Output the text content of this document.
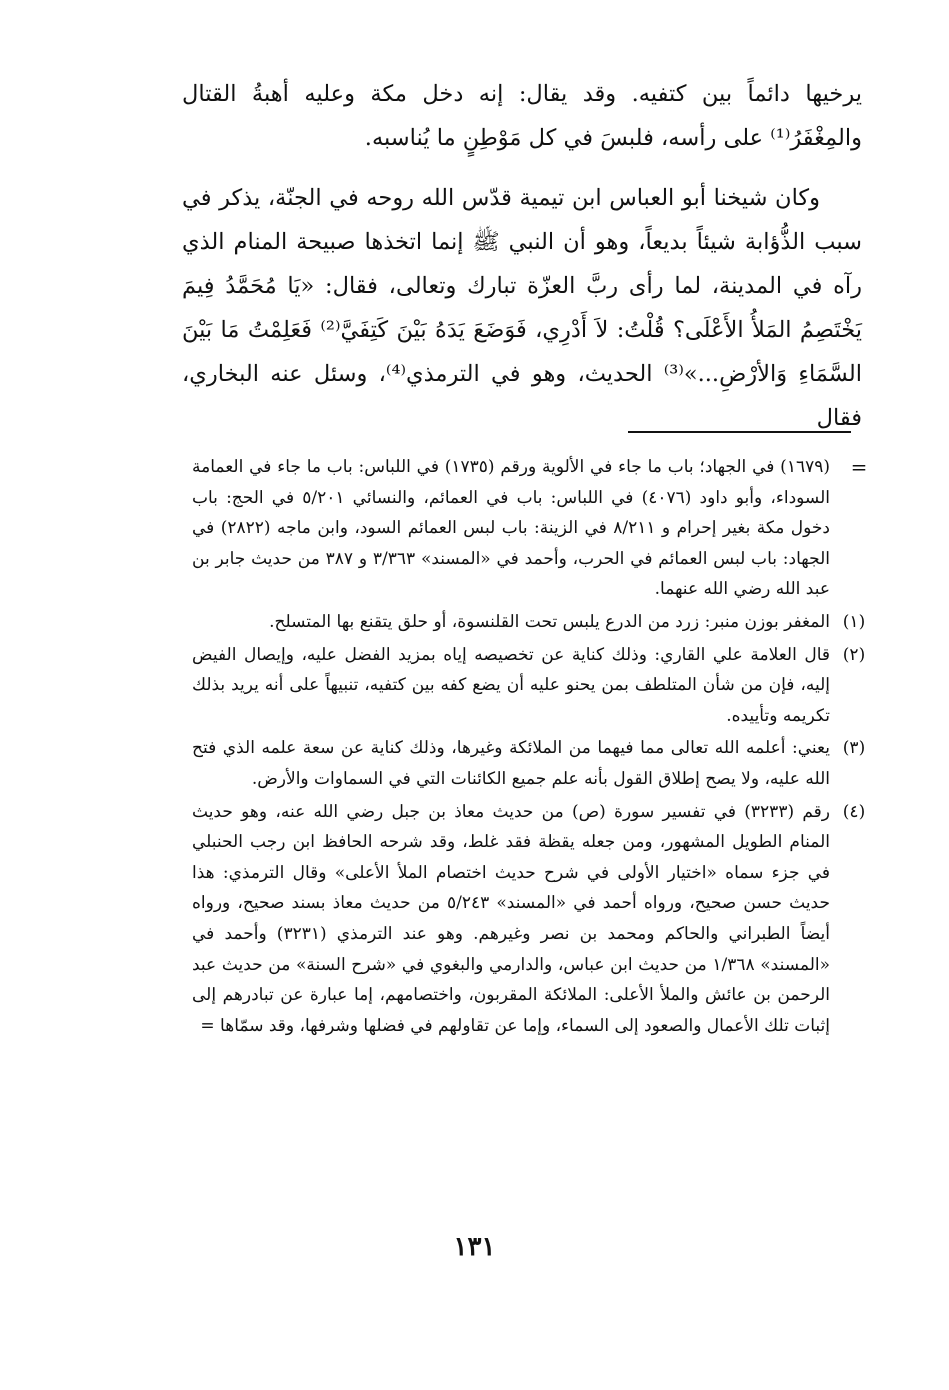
يرخيها دائماً بين كتفيه. وقد يقال: إنه دخل مكة وعليه أهبةُ القتال والمِغْفَرُ⁽¹⁾ على رأسه، فلبسَ في كل مَوْطِنٍ ما يُناسبه.

وكان شيخنا أبو العباس ابن تيمية قدّس الله روحه في الجنّة، يذكر في سبب الذُّؤابة شيئاً بديعاً، وهو أن النبي ﷺ إنما اتخذها صبيحة المنام الذي رآه في المدينة، لما رأى ربَّ العزّة تبارك وتعالى، فقال: «يَا مُحَمَّدُ فِيمَ يَخْتَصِمُ المَلأُ الأَعْلَى؟ قُلْتُ: لاَ أَدْرِي، فَوَضَعَ يَدَهُ بَيْنَ كَتِفَيَّ⁽²⁾ فَعَلِمْتُ مَا بَيْنَ السَّمَاءِ وَالأرْضِ...»⁽³⁾ الحديث، وهو في الترمذي⁽⁴⁾، وسئل عنه البخاري، فقال

=
(١٦٧٩) في الجهاد؛ باب ما جاء في الألوية ورقم (١٧٣٥) في اللباس: باب ما جاء في العمامة السوداء، وأبو داود (٤٠٧٦) في اللباس: باب في العمائم، والنسائي ٥/٢٠١ في الحج: باب دخول مكة بغير إحرام و ٨/٢١١ في الزينة: باب لبس العمائم السود، وابن ماجه (٢٨٢٢) في الجهاد: باب لبس العمائم في الحرب، وأحمد في «المسند» ٣/٣٦٣ و ٣٨٧ من حديث جابر بن عبد الله رضي الله عنهما.
(١)
المغفر بوزن منبر: زرد من الدرع يلبس تحت القلنسوة، أو حلق يتقنع بها المتسلح.
(٢)
قال العلامة علي القاري: وذلك كناية عن تخصيصه إياه بمزيد الفضل عليه، وإيصال الفيض إليه، فإن من شأن المتلطف بمن يحنو عليه أن يضع كفه بين كتفيه، تنبيهاً على أنه يريد بذلك تكريمه وتأييده.
(٣)
يعني: أعلمه الله تعالى مما فيهما من الملائكة وغيرها، وذلك كناية عن سعة علمه الذي فتح الله عليه، ولا يصح إطلاق القول بأنه علم جميع الكائنات التي في السماوات والأرض.
(٤)
رقم (٣٢٣٣) في تفسير سورة (ص) من حديث معاذ بن جبل رضي الله عنه، وهو حديث المنام الطويل المشهور، ومن جعله يقظة فقد غلط، وقد شرحه الحافظ ابن رجب الحنبلي في جزء سماه «اختيار الأولى في شرح حديث اختصام الملأ الأعلى» وقال الترمذي: هذا حديث حسن صحيح، ورواه أحمد في «المسند» ٥/٢٤٣ من حديث معاذ بسند صحيح، ورواه أيضاً الطبراني والحاكم ومحمد بن نصر وغيرهم. وهو عند الترمذي (٣٢٣١) وأحمد في «المسند» ١/٣٦٨ من حديث ابن عباس، والدارمي والبغوي في «شرح السنة» من حديث عبد الرحمن بن عائش والملأ الأعلى: الملائكة المقربون، واختصامهم، إما عبارة عن تبادرهم إلى إثبات تلك الأعمال والصعود إلى السماء، وإما عن تقاولهم في فضلها وشرفها، وقد سمّاها =
١٣١
